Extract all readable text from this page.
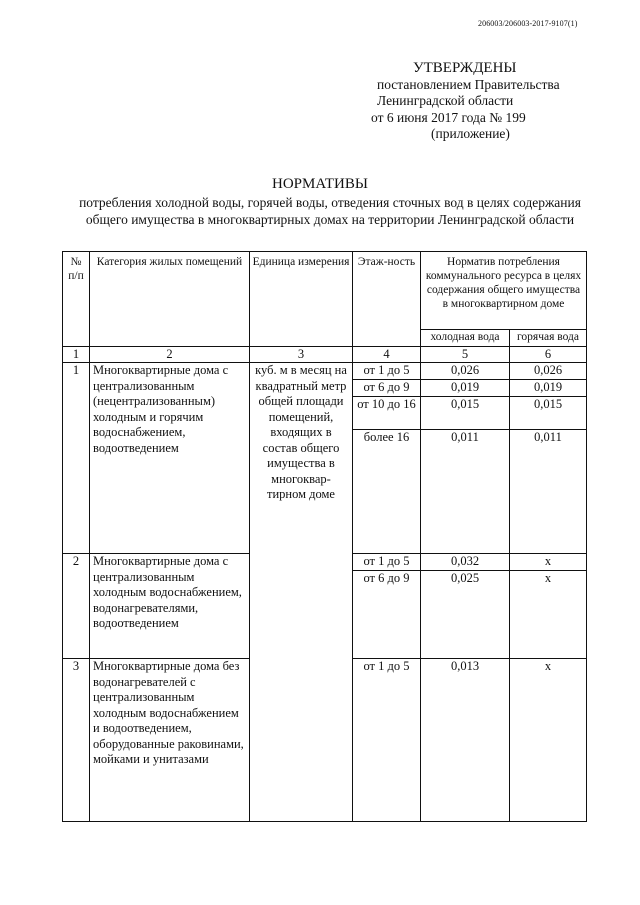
206003/206003-2017-9107(1)
УТВЕРЖДЕНЫ
постановлением Правительства
Ленинградской области
от 6 июня 2017 года № 199
(приложение)
НОРМАТИВЫ
потребления холодной воды, горячей воды, отведения сточных вод в целях содержания общего имущества в многоквартирных домах на территории Ленинградской области
№ п/п	Категория жилых помещений	Единица измерения	Этаж-ность	Норматив потребления коммунального ресурса в целях содержания общего имущества в многоквартирном доме	
				холодная вода	горячая вода
1	2	3	4	5	6
1	Многоквартирные дома с централизованным (нецентрализованным) холодным и горячим водоснабжением, водоотведением	куб. м в месяц на квадратный метр общей площади помещений, входящих в состав общего имущества в многоквар-тирном доме	от 1 до 5	0,026	0,026
			от 6 до 9	0,019	0,019
			от 10 до 16	0,015	0,015
			более 16	0,011	0,011
2	Многоквартирные дома с централизованным холодным водоснабжением, водонагревателями, водоотведением		от 1 до 5	0,032	x
			от 6 до 9	0,025	x
3	Многоквартирные дома без водонагревателей с централизованным холодным водоснабжением и водоотведением, оборудованные раковинами, мойками и унитазами		от 1 до 5	0,013	x
